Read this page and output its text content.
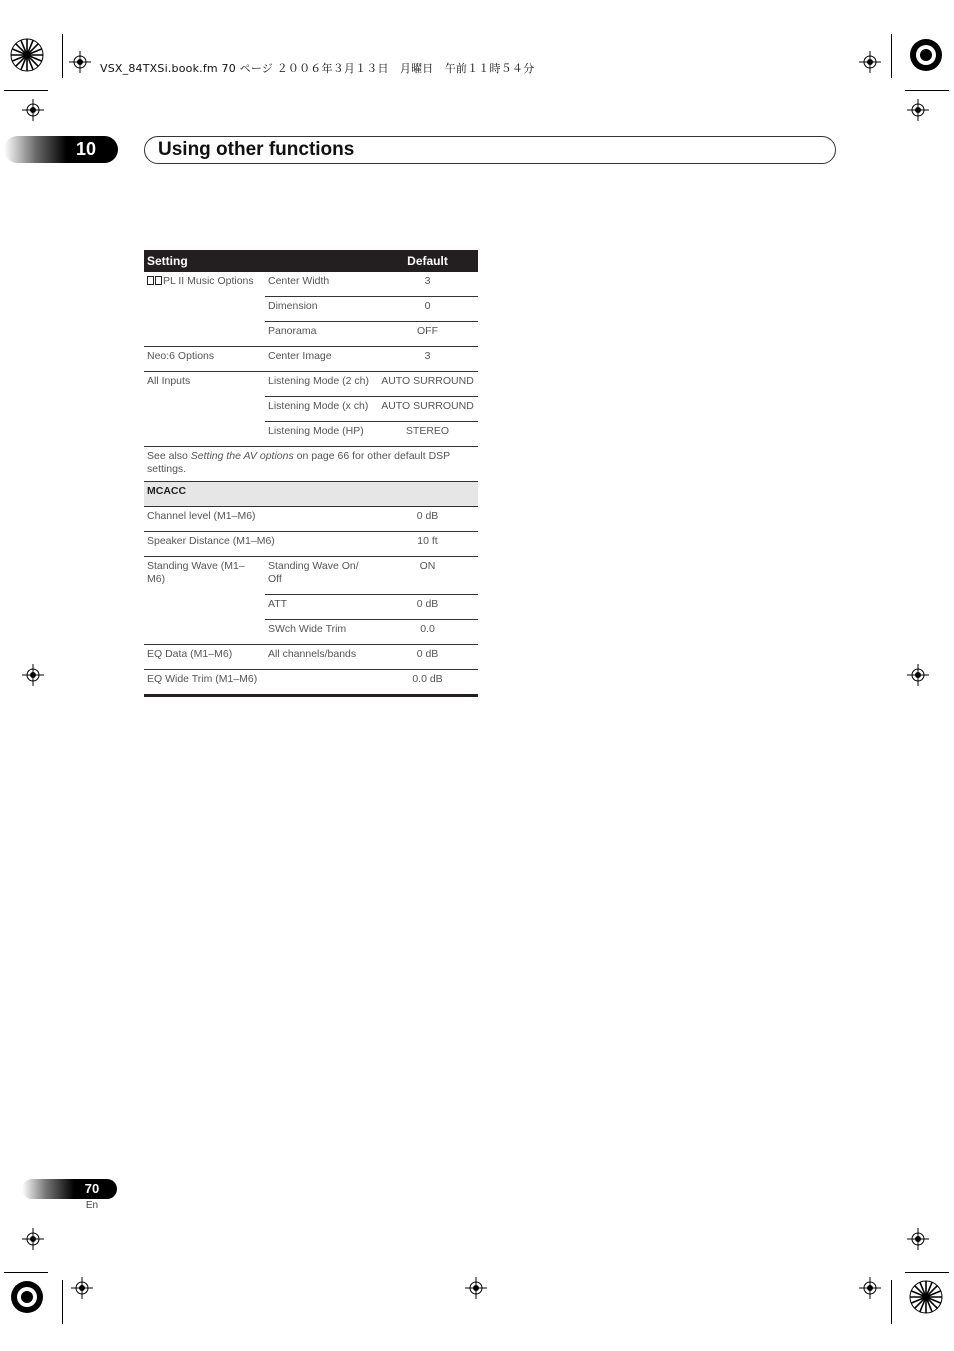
VSX_84TXSi.book.fm 70 ページ ２００６年３月１３日　月曜日　午前１１時５４分
10	Using other functions
Setting		Default
PL II Music Options	Center Width	3
	Dimension	0
	Panorama	OFF
Neo:6 Options	Center Image	3
All Inputs	Listening Mode (2 ch)	AUTO SURROUND
	Listening Mode (x ch)	AUTO SURROUND
	Listening Mode (HP)	STEREO
See also Setting the AV options on page 66 for other default DSP settings.		
MCACC		
Channel level (M1–M6)		0 dB
Speaker Distance (M1–M6)		10 ft
Standing Wave (M1–M6)	Standing Wave On/ Off	ON
	ATT	0 dB
	SWch Wide Trim	0.0
EQ Data (M1–M6)	All channels/bands	0 dB
EQ Wide Trim (M1–M6)		0.0 dB
70
En
